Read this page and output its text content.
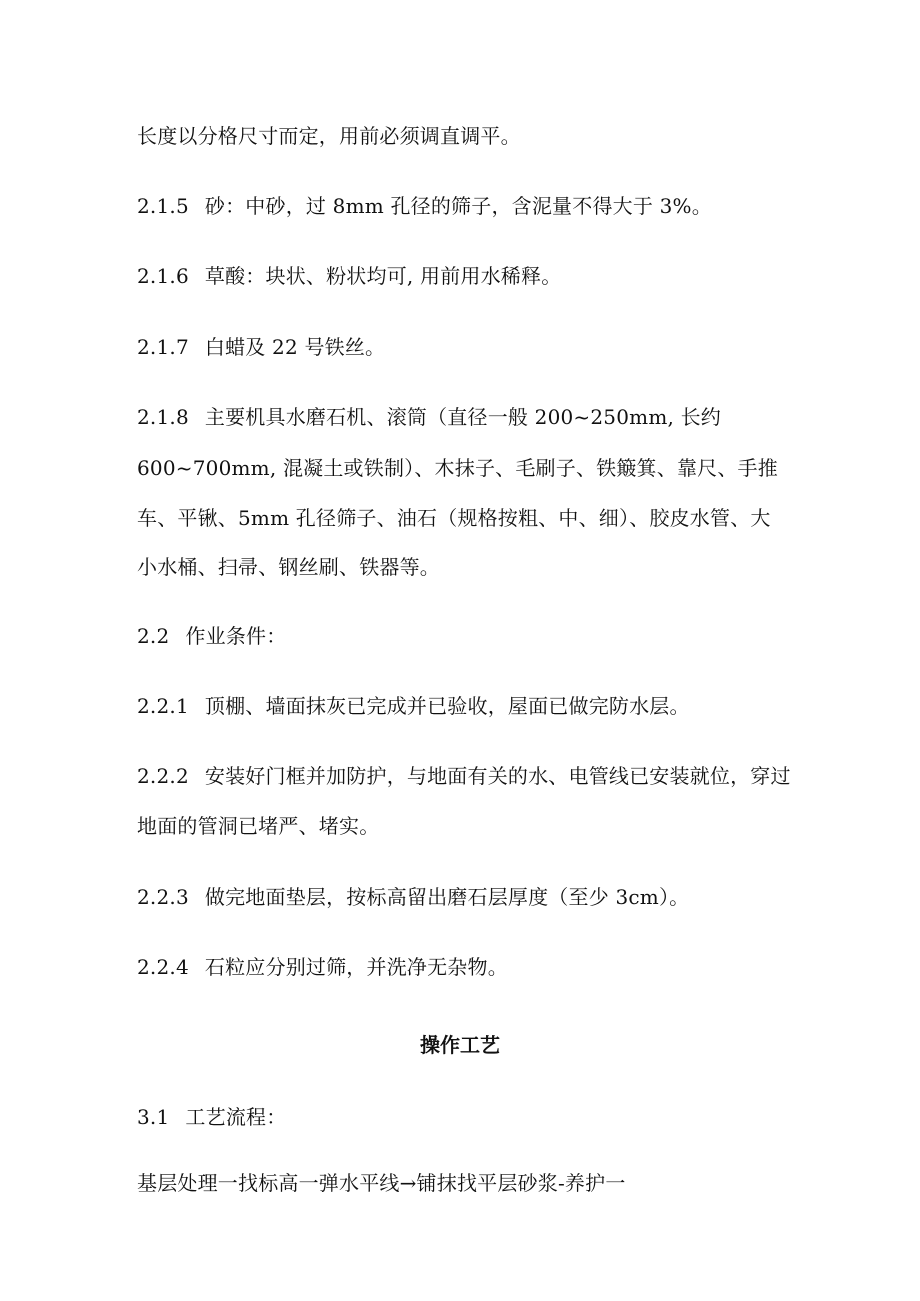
长度以分格尺寸而定，用前必须调直调平。
2.1.5 砂：中砂，过 8mm 孔径的筛子，含泥量不得大于 3%。
2.1.6 草酸：块状、粉状均可, 用前用水稀释。
2.1.7 白蜡及 22 号铁丝。
2.1.8 主要机具水磨石机、滚筒（直径一般 200~250mm, 长约
600~700mm, 混凝土或铁制）、木抹子、毛刷子、铁簸箕、靠尺、手推
车、平锹、5mm 孔径筛子、油石（规格按粗、中、细）、胶皮水管、大
小水桶、扫帚、钢丝刷、铁器等。
2.2 作业条件：
2.2.1 顶棚、墙面抹灰已完成并已验收，屋面已做完防水层。
2.2.2 安装好门框并加防护，与地面有关的水、电管线已安装就位，穿过
地面的管洞已堵严、堵实。
2.2.3 做完地面垫层，按标高留出磨石层厚度（至少 3cm）。
2.2.4 石粒应分别过筛，并洗净无杂物。
操作工艺
3.1 工艺流程：
基层处理一找标高一弹水平线→铺抹找平层砂浆-养护一
